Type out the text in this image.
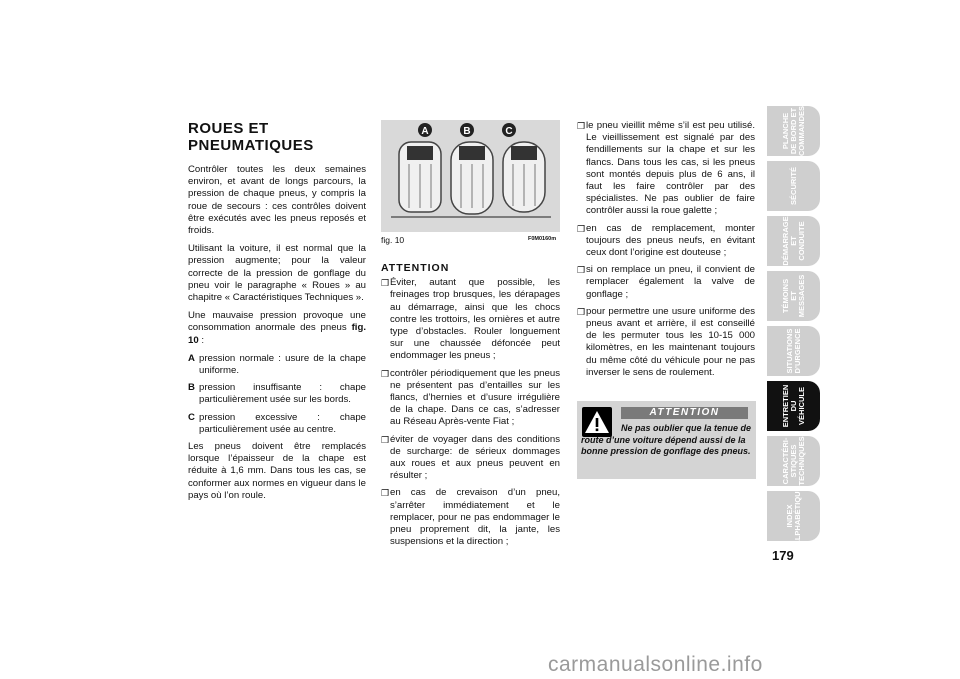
ROUES ET PNEUMATIQUES

Contrôler toutes les deux semaines environ, et avant de longs parcours, la pression de chaque pneus, y compris la roue de secours : ces contrôles doivent être exécutés avec les pneus reposés et froids.

Utilisant la voiture, il est normal que la pression augmente; pour la valeur correcte de la pression de gonflage du pneu voir le paragraphe « Roues » au chapitre « Caractéristiques Techniques ».

Une mauvaise pression provoque une consommation anormale des pneus fig. 10 :

A pression normale : usure de la chape uniforme.
B pression insuffisante : chape particulièrement usée sur les bords.
C pression excessive : chape particulièrement usée au centre.

Les pneus doivent être remplacés lorsque l’épaisseur de la chape est réduite à 1,6 mm. Dans tous les cas, se conformer aux normes en vigueur dans le pays où l’on roule.

A	B	C
fig. 10	F0M0160m
ATTENTION
❒ Éviter, autant que possible, les freinages trop brusques, les dérapages au démarrage, ainsi que les chocs contre les trottoirs, les ornières et autre type d’obstacles. Rouler longuement sur une chaussée défoncée peut endommager les pneus ;
❒ contrôler périodiquement que les pneus ne présentent pas d’entailles sur les flancs, d’hernies et d’usure irrégulière de la chape. Dans ce cas, s’adresser au Réseau Après-vente Fiat ;
❒ éviter de voyager dans des conditions de surcharge: de sérieux dommages aux roues et aux pneus peuvent en résulter ;
❒ en cas de crevaison d’un pneu, s’arrêter immédiatement et le remplacer, pour ne pas endommager le pneu proprement dit, la jante, les suspensions et la direction ;
❒ le pneu vieillit même s’il est peu utilisé. Le vieillissement est signalé par des fendillements sur la chape et sur les flancs. Dans tous les cas, si les pneus sont montés depuis plus de 6 ans, il faut les faire contrôler par des spécialistes. Ne pas oublier de faire contrôler aussi la roue galette ;
❒ en cas de remplacement, monter toujours des pneus neufs, en évitant ceux dont l’origine est douteuse ;
❒ si on remplace un pneu, il convient de remplacer également la valve de gonflage ;
❒ pour permettre une usure uniforme des pneus avant et arrière, il est conseillé de les permuter tous les 10-15 000 kilomètres, en les maintenant toujours du même côté du véhicule pour ne pas inverser le sens de roulement.
ATTENTION
Ne pas oublier que la tenue de route d’une voiture dépend aussi de la bonne pression de gonflage des pneus.
PLANCHE
DE BORD ET
COMMANDES
SÉCURITÉ
DÉMARRAGE
ET CONDUITE
TÉMOINS
ET MESSAGES
SITUATIONS
D’URGENCE
ENTRETIEN
DU VÉHICULE
CARACTÉRI-
STIQUES
TECHNIQUES
INDEX
ALPHABÉTIQUE
179
carmanualsonline.info
